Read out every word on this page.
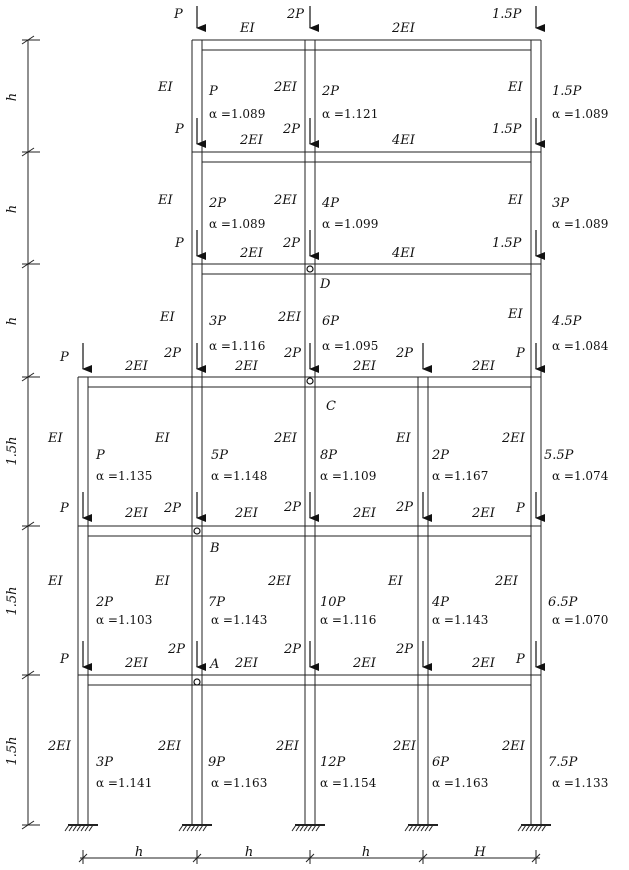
h
h
h
1.5h
1.5h
1.5h
h	h	h	H
A
B
C
D
EI	2EI
2EI	4EI
2EI	4EI
2EI	2EI	2EI	2EI
2EI	2EI	2EI	2EI
2EI	2EI	2EI	2EI
EI	2EI	EI
EI	2EI	EI
EI	2EI	EI
EI	EI	2EI	EI	2EI
EI	EI	2EI	EI	2EI
2EI	2EI	2EI	2EI	2EI
P	2P	1.5P
P	2P	1.5P
P	2P	1.5P
P	2P	2P	2P	P
P	2P	2P	2P	P
P
2P	2P	2P
P
P	2P	1.5P
2P	4P	3P
3P	6P	4.5P
P	5P	8P	2P	5.5P
2P	7P	10P	4P	6.5P
3P	9P	12P	6P	7.5P
α =1.089	α =1.121	α =1.089
α =1.089	α =1.099	α =1.089
α =1.116	α =1.095	α =1.084
α =1.135	α =1.148	α =1.109	α =1.167	α =1.074
α =1.103	α =1.143	α =1.116	α =1.143	α =1.070
α =1.141	α =1.163	α =1.154	α =1.163	α =1.133
